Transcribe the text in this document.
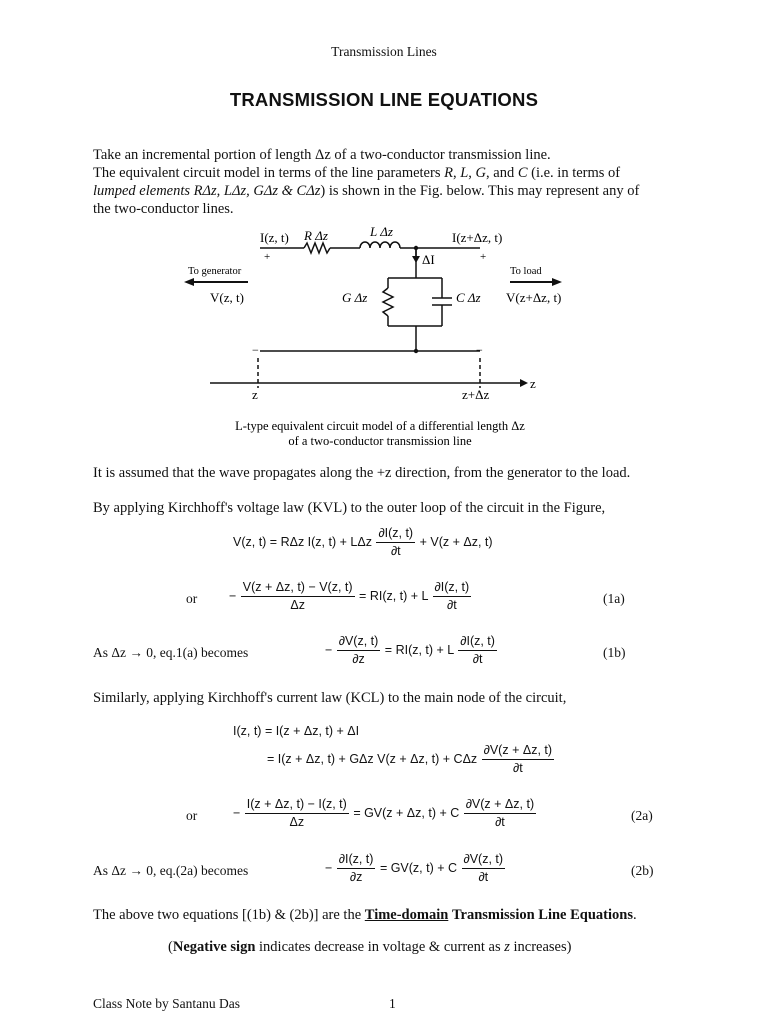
Transmission Lines
TRANSMISSION LINE EQUATIONS
Take an incremental portion of length Δz of a two-conductor transmission line.
The equivalent circuit model in terms of the line parameters R, L, G, and C (i.e. in terms of
lumped elements RΔz, LΔz, GΔz & CΔz) is shown in the Fig. below. This may represent any of
the two-conductor lines.
I(z, t) R Δz	L Δz	I(z+Δz, t)
+	+
ΔI
To generator	To load
V(z, t)	G Δz	C Δz V(z+Δz, t)
−	−
z	z+Δz
z
L-type equivalent circuit model of a differential length Δz
of a two-conductor transmission line
It is assumed that the wave propagates along the +z direction, from the generator to the load.
By applying Kirchhoff's voltage law (KVL) to the outer loop of the circuit in the Figure,
V(z, t) = RΔz I(z, t) + LΔz $\frac{\partial I(z, t)}{\partial t} + V(z + \Delta z$, t)
or	− $\frac{V(z + \Delta z, t) - V(z, t)}{\Delta z} = RI(z$, t) + L $\frac{\partial I(z, t)}{\partial t}$	(1a)
As Δz → 0, eq.1(a) becomes	− $\frac{\partial V(z, t)}{\partial z} = RI(z$, t) + L $\frac{\partial I(z, t)}{\partial t}$	(1b)
Similarly, applying Kirchhoff's current law (KCL) to the main node of the circuit,
I(z, t) = I(z + Δz, t) + ΔI
= I(z + Δz, t) + GΔz V(z + Δz, t) + CΔz $\frac{\partial V(z + \Delta z, t)}{\partial t}$
or	− $\frac{I(z + \Delta z, t) - I(z, t)}{\Delta z} = GV(z + \Delta z$, t) + C $\frac{\partial V(z + \Delta z, t)}{\partial t}$	(2a)
As Δz → 0, eq.(2a) becomes	− $\frac{\partial I(z, t)}{\partial z} = GV(z$, t) + C $\frac{\partial V(z, t)}{\partial t}$	(2b)
The above two equations [(1b) & (2b)] are the Time-domain Transmission Line Equations.
(Negative sign indicates decrease in voltage & current as z increases)
Class Note by Santanu Das	1
